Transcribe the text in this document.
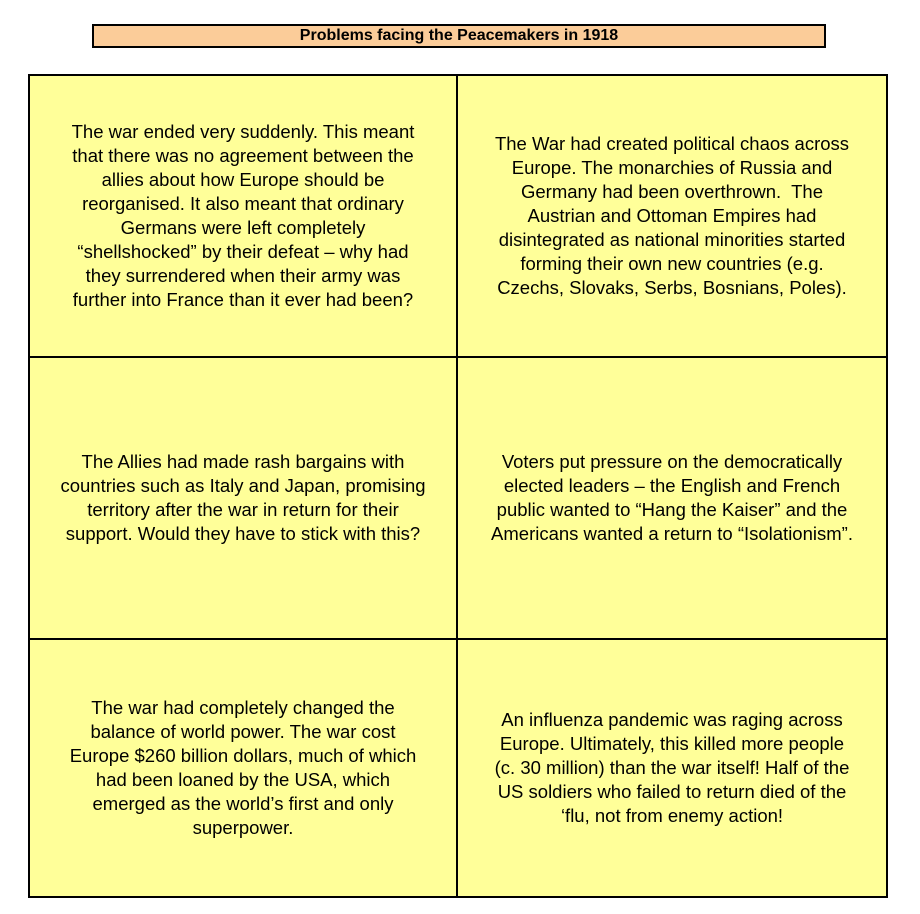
Problems facing the Peacemakers in 1918

The war ended very suddenly. This meant
that there was no agreement between the
allies about how Europe should be
reorganised. It also meant that ordinary
Germans were left completely
“shellshocked” by their defeat – why had
they surrendered when their army was
further into France than it ever had been?

The War had created political chaos across
Europe. The monarchies of Russia and
Germany had been overthrown.  The
Austrian and Ottoman Empires had
disintegrated as national minorities started
forming their own new countries (e.g.
Czechs, Slovaks, Serbs, Bosnians, Poles).

The Allies had made rash bargains with
countries such as Italy and Japan, promising
territory after the war in return for their
support. Would they have to stick with this?

Voters put pressure on the democratically
elected leaders – the English and French
public wanted to “Hang the Kaiser” and the
Americans wanted a return to “Isolationism”.

The war had completely changed the
balance of world power. The war cost
Europe $260 billion dollars, much of which
had been loaned by the USA, which
emerged as the world’s first and only
superpower.

An influenza pandemic was raging across
Europe. Ultimately, this killed more people
(c. 30 million) than the war itself! Half of the
US soldiers who failed to return died of the
‘flu, not from enemy action!
